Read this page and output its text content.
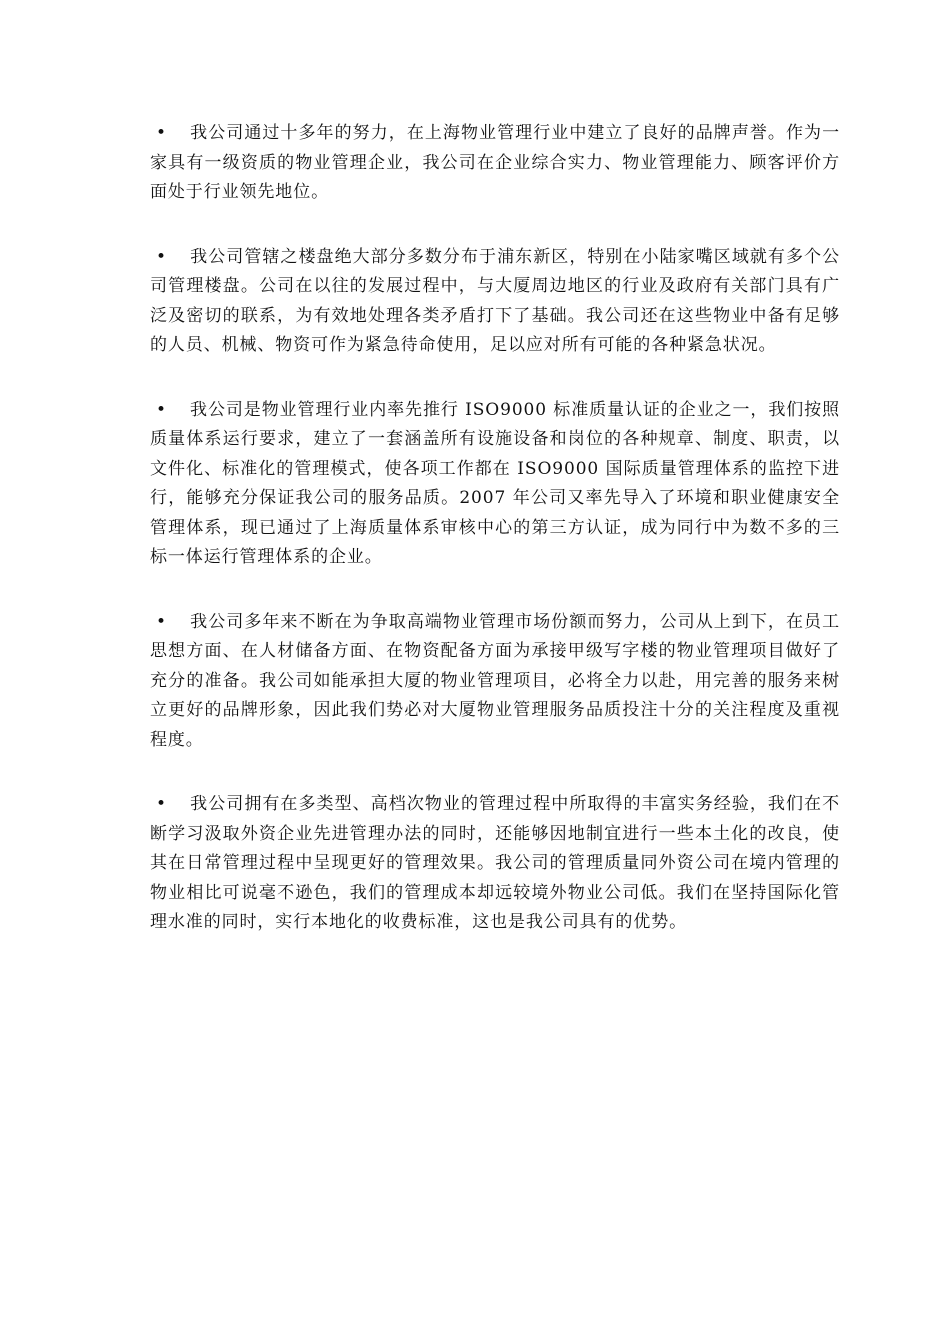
• 我公司通过十多年的努力，在上海物业管理行业中建立了良好的品牌声誉。作为一家具有一级资质的物业管理企业，我公司在企业综合实力、物业管理能力、顾客评价方面处于行业领先地位。

• 我公司管辖之楼盘绝大部分多数分布于浦东新区，特别在小陆家嘴区域就有多个公司管理楼盘。公司在以往的发展过程中，与大厦周边地区的行业及政府有关部门具有广泛及密切的联系，为有效地处理各类矛盾打下了基础。我公司还在这些物业中备有足够的人员、机械、物资可作为紧急待命使用，足以应对所有可能的各种紧急状况。

• 我公司是物业管理行业内率先推行 ISO9000 标准质量认证的企业之一，我们按照质量体系运行要求，建立了一套涵盖所有设施设备和岗位的各种规章、制度、职责，以文件化、标准化的管理模式，使各项工作都在 ISO9000 国际质量管理体系的监控下进行，能够充分保证我公司的服务品质。2007 年公司又率先导入了环境和职业健康安全管理体系，现已通过了上海质量体系审核中心的第三方认证，成为同行中为数不多的三标一体运行管理体系的企业。

• 我公司多年来不断在为争取高端物业管理市场份额而努力，公司从上到下，在员工思想方面、在人材储备方面、在物资配备方面为承接甲级写字楼的物业管理项目做好了充分的准备。我公司如能承担大厦的物业管理项目，必将全力以赴，用完善的服务来树立更好的品牌形象，因此我们势必对大厦物业管理服务品质投注十分的关注程度及重视程度。

• 我公司拥有在多类型、高档次物业的管理过程中所取得的丰富实务经验，我们在不断学习汲取外资企业先进管理办法的同时，还能够因地制宜进行一些本土化的改良，使其在日常管理过程中呈现更好的管理效果。我公司的管理质量同外资公司在境内管理的物业相比可说毫不逊色，我们的管理成本却远较境外物业公司低。我们在坚持国际化管理水准的同时，实行本地化的收费标准，这也是我公司具有的优势。
